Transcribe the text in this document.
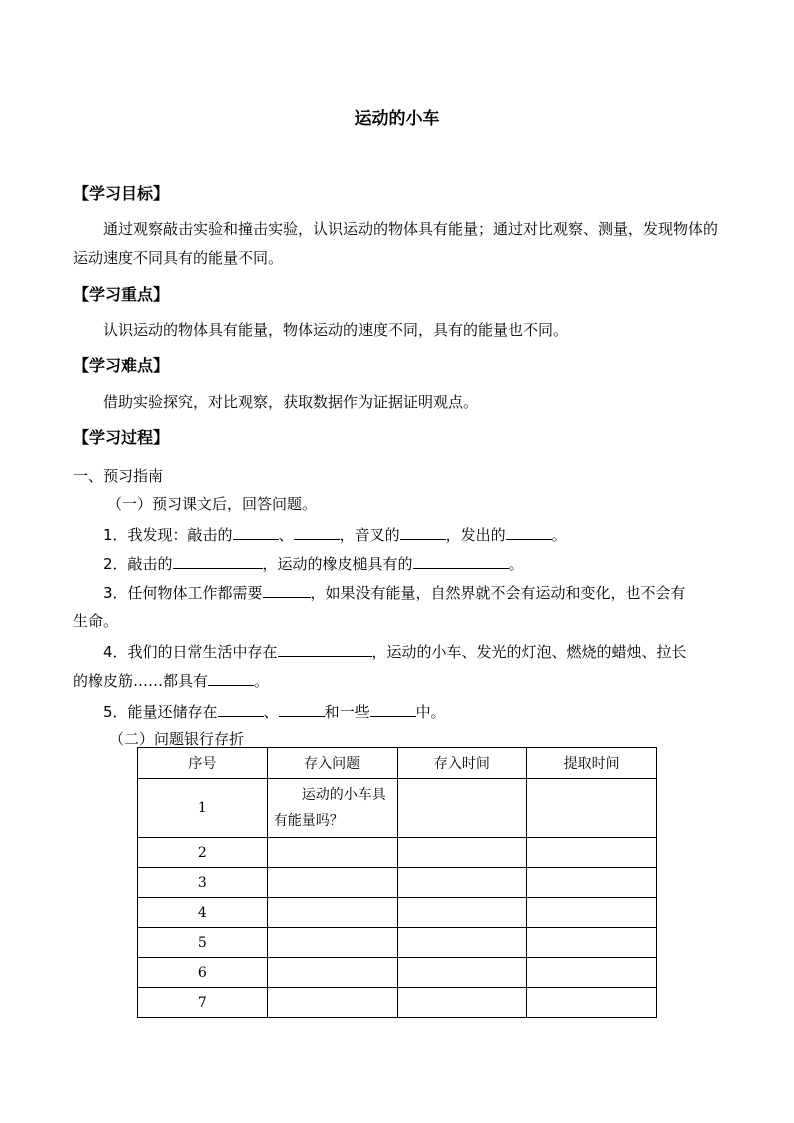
运动的小车
【学习目标】
通过观察敲击实验和撞击实验，认识运动的物体具有能量；通过对比观察、测量，发现物体的运动速度不同具有的能量不同。
【学习重点】
认识运动的物体具有能量，物体运动的速度不同，具有的能量也不同。
【学习难点】
借助实验探究，对比观察，获取数据作为证据证明观点。
【学习过程】
一、预习指南
（一）预习课文后，回答问题。
1．我发现：敲击的	、	，音叉的	，发出的	。
2．敲击的	，运动的橡皮槌具有的	。
3．任何物体工作都需要	，如果没有能量，自然界就不会有运动和变化，也不会有
生命。
4．我们的日常生活中存在	，运动的小车、发光的灯泡、燃烧的蜡烛、拉长
的橡皮筋……都具有	。
5．能量还储存在	、	和一些	中。
（二）问题银行存折
序号	存入问题	存入时间	提取时间
1	运动的小车具有能量吗？		
2			
3			
4			
5			
6			
7			
